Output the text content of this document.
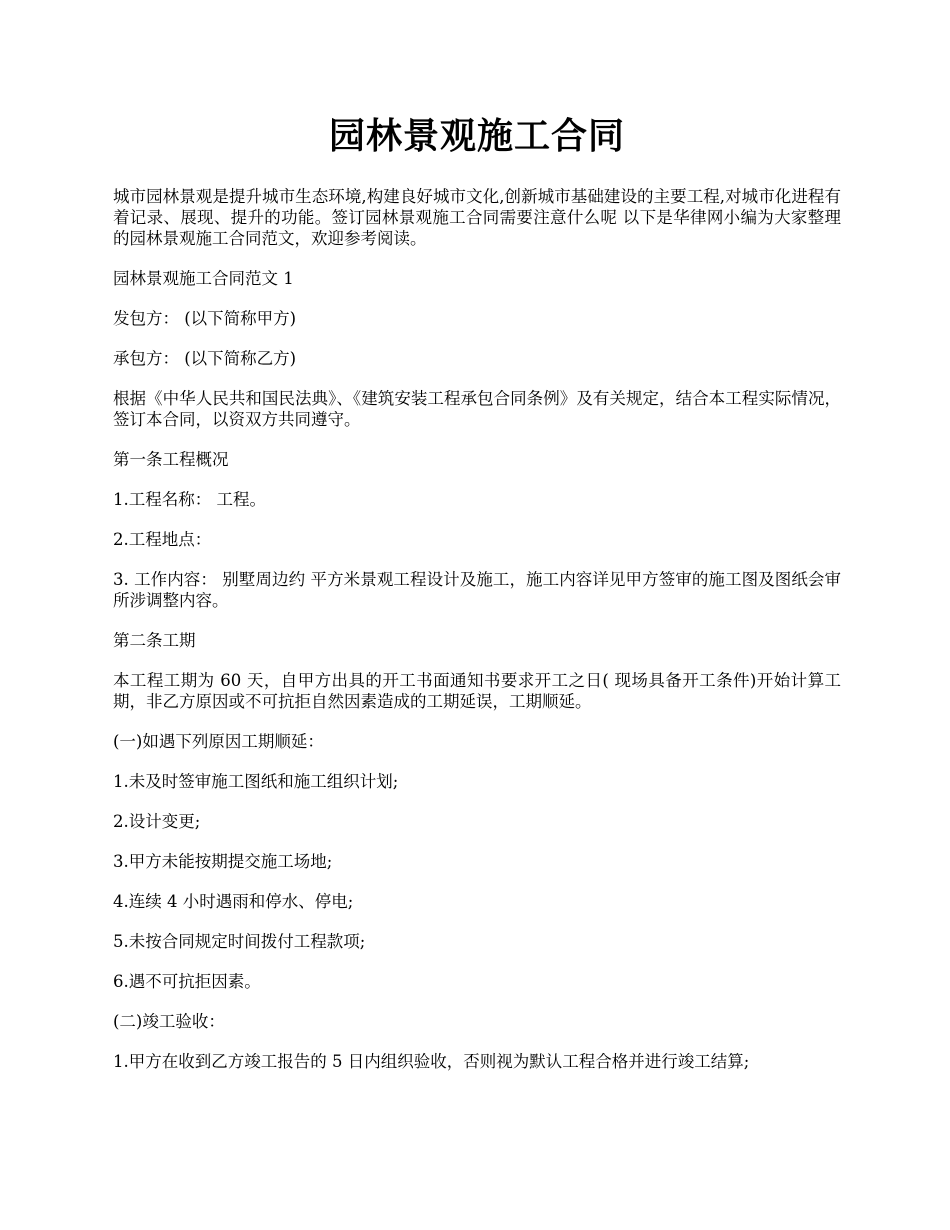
园林景观施工合同

城市园林景观是提升城市生态环境,构建良好城市文化,创新城市基础建设的主要工程,对城市化进程有着记录、展现、提升的功能。签订园林景观施工合同需要注意什么呢 以下是华律网小编为大家整理的园林景观施工合同范文，欢迎参考阅读。

园林景观施工合同范文 1

发包方： (以下简称甲方)

承包方： (以下简称乙方)

根据《中华人民共和国民法典》、《建筑安装工程承包合同条例》及有关规定，结合本工程实际情况，签订本合同，以资双方共同遵守。

第一条工程概况

1.工程名称： 工程。

2.工程地点：

3. 工作内容： 别墅周边约 平方米景观工程设计及施工，施工内容详见甲方签审的施工图及图纸会审所涉调整内容。

第二条工期

本工程工期为 60 天，自甲方出具的开工书面通知书要求开工之日( 现场具备开工条件)开始计算工期，非乙方原因或不可抗拒自然因素造成的工期延误，工期顺延。

(一)如遇下列原因工期顺延：

1.未及时签审施工图纸和施工组织计划;

2.设计变更;

3.甲方未能按期提交施工场地;

4.连续 4 小时遇雨和停水、停电;

5.未按合同规定时间拨付工程款项;

6.遇不可抗拒因素。

(二)竣工验收：

1.甲方在收到乙方竣工报告的 5 日内组织验收，否则视为默认工程合格并进行竣工结算;
